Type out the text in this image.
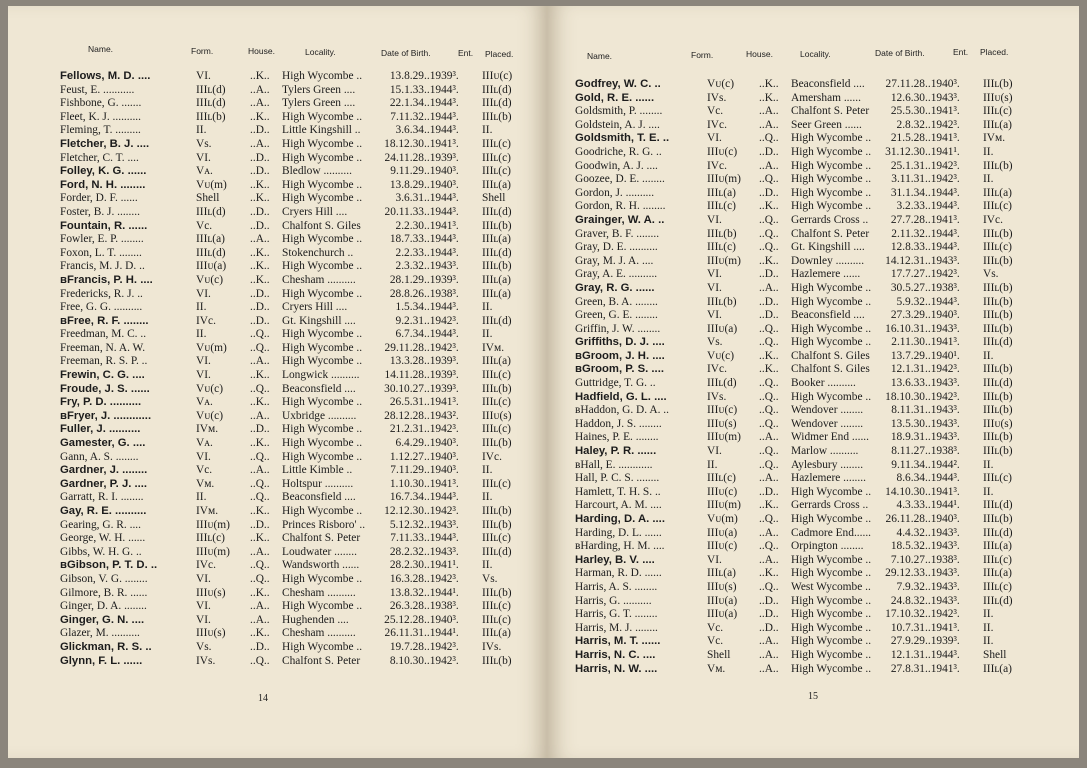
Name.	Form.	House.	Locality.	Date of Birth.	Ent. Placed.
Fellows, M. D. ....	VI.	..K..	High Wycombe ..	13.8.29 ..1939³.	IIIᴜ(c)
Feust, E. ...........	IIIʟ(d)	..A..	Tylers Green ....	15.1.33 ..1944³.	IIIʟ(d)
Fishbone, G. .......	IIIʟ(d)	..A..	Tylers Green ....	22.1.34 ..1944³.	IIIʟ(d)
Fleet, K. J. ..........	IIIʟ(b)	..K..	High Wycombe ..	7.11.32 ..1944³.	IIIʟ(b)
Fleming, T. .........	II.	..D..	Little Kingshill ..	3.6.34 ..1944³.	II.
Fletcher, B. J. ....	Vs.	..A..	High Wycombe ..	18.12.30 ..1941³.	IIIʟ(c)
Fletcher, C. T. ....	VI.	..D..	High Wycombe ..	24.11.28 ..1939³.	IIIʟ(c)
Folley, K. G. ......	Vᴀ.	..D..	Bledlow ..........	9.11.29 ..1940³.	IIIʟ(c)
Ford, N. H. ........	Vᴜ(m)	..K..	High Wycombe ..	13.8.29 ..1940³.	IIIʟ(a)
Forder, D. F. ......	Shell	..K..	High Wycombe ..	3.6.31 ..1944³.	Shell
Foster, B. J. ........	IIIʟ(d)	..D..	Cryers Hill ....	20.11.33 ..1944³.	IIIʟ(d)
Fountain, R. ......	Vc.	..D..	Chalfont S. Giles	2.2.30 ..1941³.	IIIʟ(b)
Fowler, E. P. ........	IIIʟ(a)	..A..	High Wycombe ..	18.7.33 ..1944³.	IIIʟ(a)
Foxon, L. T. ........	IIIʟ(d)	..K..	Stokenchurch ..	2.2.33 ..1944³.	IIIʟ(d)
Francis, M. J. D. ..	IIIᴜ(a)	..K..	High Wycombe ..	2.3.32 ..1943³.	IIIʟ(b)
ʙFrancis, P. H. ....	Vᴜ(c)	..K..	Chesham ..........	28.1.29 ..1939³.	IIIʟ(a)
Fredericks, R. J. ..	VI.	..D..	High Wycombe ..	28.8.26 ..1938³.	IIIʟ(a)
Free, G. G. ..........	II.	..D..	Cryers Hill ....	1.5.34 ..1944³.	II.
ʙFree, R. F. ........	IVc.	..D..	Gt. Kingshill ....	9.2.31 ..1942³.	IIIʟ(d)
Freedman, M. C. ..	II.	..Q..	High Wycombe ..	6.7.34 ..1944³.	II.
Freeman, N. A. W.	Vᴜ(m)	..Q..	High Wycombe ..	29.11.28 ..1942³.	IVᴍ.
Freeman, R. S. P. ..	VI.	..A..	High Wycombe ..	13.3.28 ..1939³.	IIIʟ(a)
Frewin, C. G. ....	VI.	..K..	Longwick ..........	14.11.28 ..1939³.	IIIʟ(c)
Froude, J. S. ......	Vᴜ(c)	..Q..	Beaconsfield ....	30.10.27 ..1939³.	IIIʟ(b)
Fry, P. D. ..........	Vᴀ.	..K..	High Wycombe ..	26.5.31 ..1941³.	IIIʟ(c)
ʙFryer, J. ............	Vᴜ(c)	..A..	Uxbridge ..........	28.12.28 ..1943².	IIIᴜ(s)
Fuller, J. ..........	IVᴍ.	..D..	High Wycombe ..	21.2.31 ..1942³.	IIIʟ(c)
Gamester, G. ....	Vᴀ.	..K..	High Wycombe ..	6.4.29 ..1940³.	IIIʟ(b)
Gann, A. S. ........	VI.	..Q..	High Wycombe ..	1.12.27 ..1940³.	IVc.
Gardner, J. ........	Vc.	..A..	Little Kimble ..	7.11.29 ..1940³.	II.
Gardner, P. J. ....	Vᴍ.	..Q..	Holtspur ..........	1.10.30 ..1941³.	IIIʟ(c)
Garratt, R. I. ........	II.	..Q..	Beaconsfield ....	16.7.34 ..1944³.	II.
Gay, R. E. ..........	IVᴍ.	..K..	High Wycombe ..	12.12.30 ..1942³.	IIIʟ(b)
Gearing, G. R. ....	IIIᴜ(m)	..D..	Princes Risboro' ..	5.12.32 ..1943³.	IIIʟ(b)
George, W. H. ......	IIIʟ(c)	..K..	Chalfont S. Peter	7.11.33 ..1944³.	IIIʟ(c)
Gibbs, W. H. G. ..	IIIᴜ(m)	..A..	Loudwater ........	28.2.32 ..1943³.	IIIʟ(d)
ʙGibson, P. T. D. ..	IVc.	..Q..	Wandsworth ......	28.2.30 ..1941¹.	II.
Gibson, V. G. ........	VI.	..Q..	High Wycombe ..	16.3.28 ..1942³.	Vs.
Gilmore, B. R. ......	IIIᴜ(s)	..K..	Chesham ..........	13.8.32 ..1944¹.	IIIʟ(b)
Ginger, D. A. ........	VI.	..A..	High Wycombe ..	26.3.28 ..1938³.	IIIʟ(c)
Ginger, G. N. ....	VI.	..A..	Hughenden ....	25.12.28 ..1940³.	IIIʟ(c)
Glazer, M. ..........	IIIᴜ(s)	..K..	Chesham ..........	26.11.31 ..1944¹.	IIIʟ(a)
Glickman, R. S. ..	Vs.	..D..	High Wycombe ..	19.7.28 ..1942³.	IVs.
Glynn, F. L. ......	IVs.	..Q..	Chalfont S. Peter	8.10.30 ..1942³.	IIIʟ(b)
14
Name.	Form.	House.	Locality.	Date of Birth.	Ent. Placed.
Godfrey, W. C. ..	Vᴜ(c)	..K..	Beaconsfield ....	27.11.28 ..1940³.	IIIʟ(b)
Gold, R. E. ......	IVs.	..K..	Amersham ......	12.6.30 ..1943³.	IIIᴜ(s)
Goldsmith, P. ........	Vc.	..A..	Chalfont S. Peter	25.5.30 ..1941³.	IIIʟ(c)
Goldstein, A. J. ....	IVc.	..A..	Seer Green ......	2.8.32 ..1942³.	IIIʟ(a)
Goldsmith, T. E. ..	VI.	..Q..	High Wycombe ..	21.5.28 ..1941³.	IVᴍ.
Goodriche, R. G. ..	IIIᴜ(c)	..D..	High Wycombe ..	31.12.30 ..1941¹.	II.
Goodwin, A. J. ....	IVc.	..A..	High Wycombe ..	25.1.31 ..1942³.	IIIʟ(b)
Goozee, D. E. ........	IIIᴜ(m)	..Q..	High Wycombe ..	3.11.31 ..1942³.	II.
Gordon, J. ..........	IIIʟ(a)	..D..	High Wycombe ..	31.1.34 ..1944³.	IIIʟ(a)
Gordon, R. H. ........	IIIʟ(c)	..K..	High Wycombe ..	3.2.33 ..1944³.	IIIʟ(c)
Grainger, W. A. ..	VI.	..Q..	Gerrards Cross ..	27.7.28 ..1941³.	IVc.
Graver, B. F. ........	IIIʟ(b)	..Q..	Chalfont S. Peter	2.11.32 ..1944³.	IIIʟ(b)
Gray, D. E. ..........	IIIʟ(c)	..Q..	Gt. Kingshill ....	12.8.33 ..1944³.	IIIʟ(c)
Gray, M. J. A. ....	IIIᴜ(m)	..K..	Downley ..........	14.12.31 ..1943³.	IIIʟ(b)
Gray, A. E. ..........	VI.	..D..	Hazlemere ......	17.7.27 ..1942³.	Vs.
Gray, R. G. ......	VI.	..A..	High Wycombe ..	30.5.27 ..1938³.	IIIʟ(b)
Green, B. A. ........	IIIʟ(b)	..D..	High Wycombe ..	5.9.32 ..1944³.	IIIʟ(b)
Green, G. E. ........	VI.	..D..	Beaconsfield ....	27.3.29 ..1940³.	IIIʟ(b)
Griffin, J. W. ........	IIIᴜ(a)	..Q..	High Wycombe ..	16.10.31 ..1943³.	IIIʟ(b)
Griffiths, D. J. ....	Vs.	..Q..	High Wycombe ..	2.11.30 ..1941³.	IIIʟ(d)
ʙGroom, J. H. ....	Vᴜ(c)	..K..	Chalfont S. Giles	13.7.29 ..1940¹.	II.
ʙGroom, P. S. ....	IVc.	..K..	Chalfont S. Giles	12.1.31 ..1942³.	IIIʟ(b)
Guttridge, T. G. ..	IIIʟ(d)	..Q..	Booker ..........	13.6.33 ..1943³.	IIIʟ(d)
Hadfield, G. L. ....	IVs.	..Q..	High Wycombe ..	18.10.30 ..1942³.	IIIʟ(b)
ʙHaddon, G. D. A. ..	IIIᴜ(c)	..Q..	Wendover ........	8.11.31 ..1943³.	IIIʟ(b)
Haddon, J. S. ........	IIIᴜ(s)	..Q..	Wendover ........	13.5.30 ..1943³.	IIIᴜ(s)
Haines, P. E. ........	IIIᴜ(m)	..A..	Widmer End ......	18.9.31 ..1943³.	IIIʟ(b)
Haley, P. R. ......	VI.	..Q..	Marlow ..........	8.11.27 ..1938³.	IIIʟ(b)
ʙHall, E. ............	II.	..Q..	Aylesbury ........	9.11.34 ..1944².	II.
Hall, P. C. S. ........	IIIʟ(c)	..A..	Hazlemere ........	8.6.34 ..1944³.	IIIʟ(c)
Hamlett, T. H. S. ..	IIIᴜ(c)	..D..	High Wycombe ..	14.10.30 ..1941³.	II.
Harcourt, A. M. ....	IIIᴜ(m)	..K..	Gerrards Cross ..	4.3.33 ..1944¹.	IIIʟ(d)
Harding, D. A. ....	Vᴜ(m)	..Q..	High Wycombe ..	26.11.28 ..1940³.	IIIʟ(b)
Harding, D. L. ......	IIIᴜ(a)	..A..	Cadmore End......	4.4.32 ..1943³.	IIIʟ(d)
ʙHarding, H. M. ....	IIIᴜ(c)	..Q..	Orpington ........	18.5.32 ..1943³.	IIIʟ(a)
Harley, B. V. ....	VI.	..A..	High Wycombe ..	7.10.27 ..1938³.	IIIʟ(c)
Harman, R. D. ......	IIIʟ(a)	..K..	High Wycombe ..	29.12.33 ..1943³.	IIIʟ(a)
Harris, A. S. ........	IIIᴜ(s)	..Q..	West Wycombe ..	7.9.32 ..1943³.	IIIʟ(c)
Harris, G. ..........	IIIᴜ(a)	..D..	High Wycombe ..	24.8.32 ..1943³.	IIIʟ(d)
Harris, G. T. ........	IIIᴜ(a)	..D..	High Wycombe ..	17.10.32 ..1942³.	II.
Harris, M. J. ........	Vc.	..D..	High Wycombe ..	10.7.31 ..1941³.	II.
Harris, M. T. ......	Vc.	..A..	High Wycombe ..	27.9.29 ..1939³.	II.
Harris, N. C. ....	Shell	..A..	High Wycombe ..	12.1.31 ..1944³.	Shell
Harris, N. W. ....	Vᴍ.	..A..	High Wycombe ..	27.8.31 ..1941³.	IIIʟ(a)
15
